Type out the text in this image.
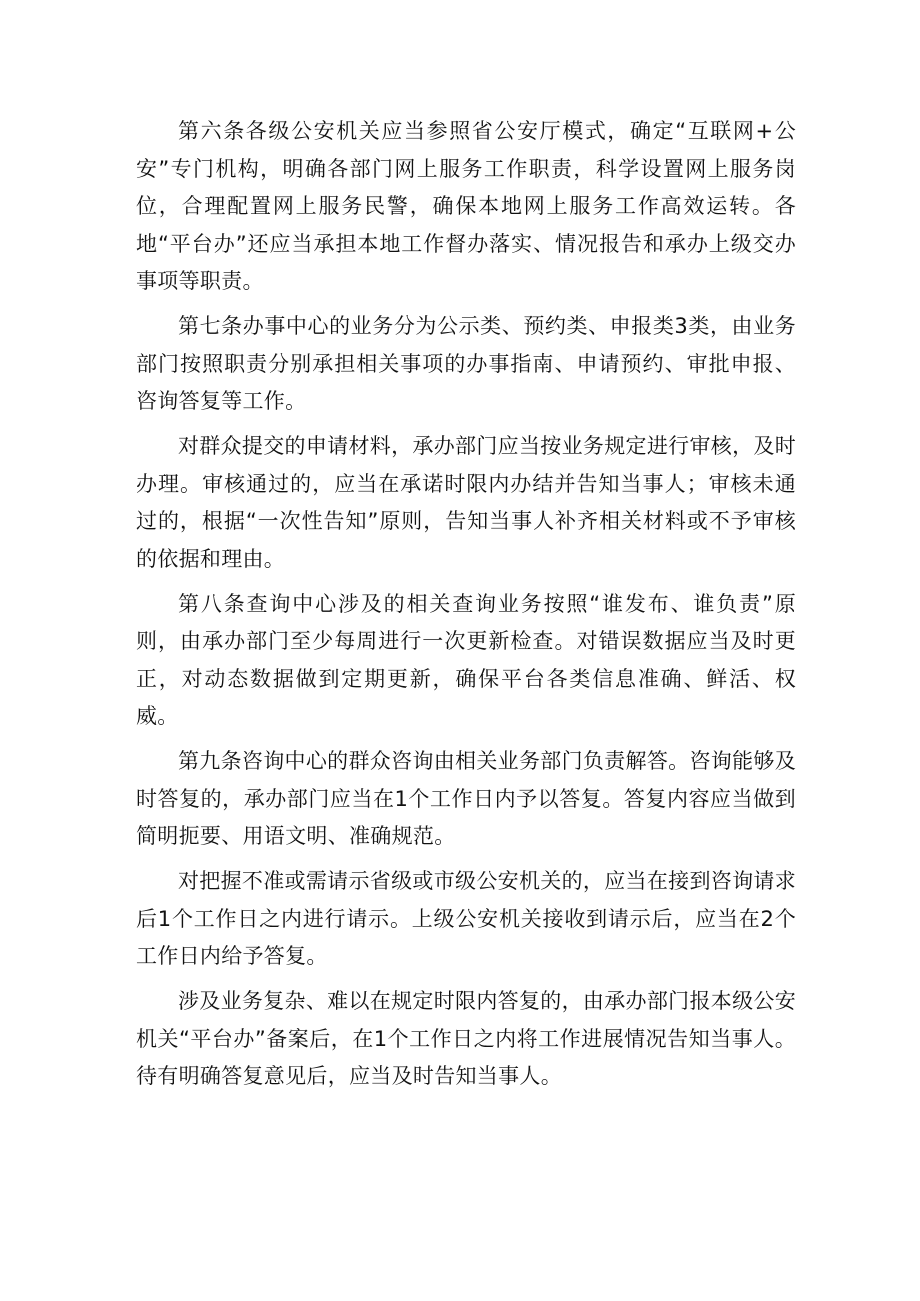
第六条各级公安机关应当参照省公安厅模式，确定“互联网+公安”专门机构，明确各部门网上服务工作职责，科学设置网上服务岗位，合理配置网上服务民警，确保本地网上服务工作高效运转。各地“平台办”还应当承担本地工作督办落实、情况报告和承办上级交办事项等职责。

第七条办事中心的业务分为公示类、预约类、申报类3类，由业务部门按照职责分别承担相关事项的办事指南、申请预约、审批申报、咨询答复等工作。

对群众提交的申请材料，承办部门应当按业务规定进行审核，及时办理。审核通过的，应当在承诺时限内办结并告知当事人；审核未通过的，根据“一次性告知”原则，告知当事人补齐相关材料或不予审核的依据和理由。

第八条查询中心涉及的相关查询业务按照“谁发布、谁负责”原则，由承办部门至少每周进行一次更新检查。对错误数据应当及时更正，对动态数据做到定期更新，确保平台各类信息准确、鲜活、权威。

第九条咨询中心的群众咨询由相关业务部门负责解答。咨询能够及时答复的，承办部门应当在1个工作日内予以答复。答复内容应当做到简明扼要、用语文明、准确规范。

对把握不准或需请示省级或市级公安机关的，应当在接到咨询请求后1个工作日之内进行请示。上级公安机关接收到请示后，应当在2个工作日内给予答复。

涉及业务复杂、难以在规定时限内答复的，由承办部门报本级公安机关“平台办”备案后，在1个工作日之内将工作进展情况告知当事人。待有明确答复意见后，应当及时告知当事人。
